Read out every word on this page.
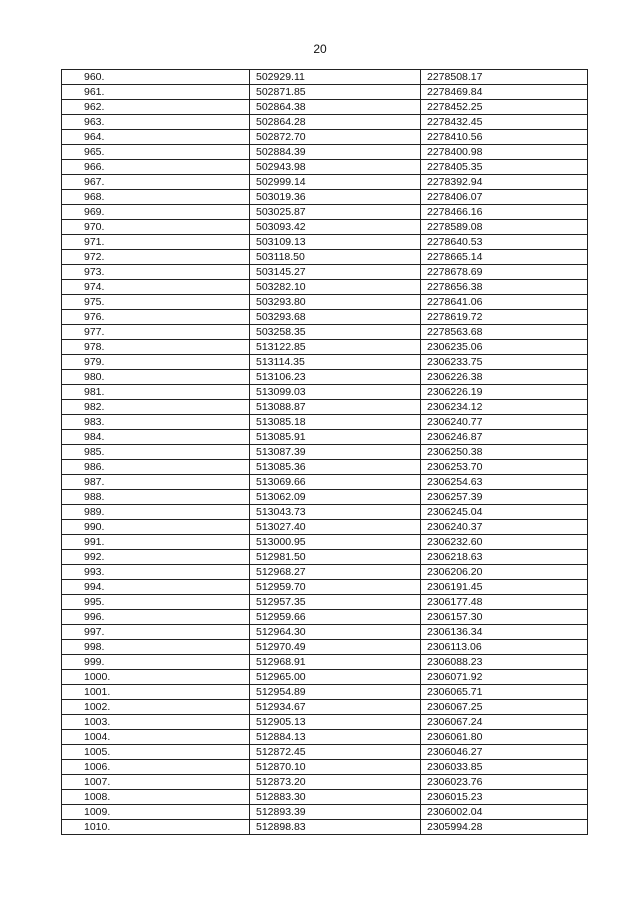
20
960.	502929.11	2278508.17
961.	502871.85	2278469.84
962.	502864.38	2278452.25
963.	502864.28	2278432.45
964.	502872.70	2278410.56
965.	502884.39	2278400.98
966.	502943.98	2278405.35
967.	502999.14	2278392.94
968.	503019.36	2278406.07
969.	503025.87	2278466.16
970.	503093.42	2278589.08
971.	503109.13	2278640.53
972.	503118.50	2278665.14
973.	503145.27	2278678.69
974.	503282.10	2278656.38
975.	503293.80	2278641.06
976.	503293.68	2278619.72
977.	503258.35	2278563.68
978.	513122.85	2306235.06
979.	513114.35	2306233.75
980.	513106.23	2306226.38
981.	513099.03	2306226.19
982.	513088.87	2306234.12
983.	513085.18	2306240.77
984.	513085.91	2306246.87
985.	513087.39	2306250.38
986.	513085.36	2306253.70
987.	513069.66	2306254.63
988.	513062.09	2306257.39
989.	513043.73	2306245.04
990.	513027.40	2306240.37
991.	513000.95	2306232.60
992.	512981.50	2306218.63
993.	512968.27	2306206.20
994.	512959.70	2306191.45
995.	512957.35	2306177.48
996.	512959.66	2306157.30
997.	512964.30	2306136.34
998.	512970.49	2306113.06
999.	512968.91	2306088.23
1000.	512965.00	2306071.92
1001.	512954.89	2306065.71
1002.	512934.67	2306067.25
1003.	512905.13	2306067.24
1004.	512884.13	2306061.80
1005.	512872.45	2306046.27
1006.	512870.10	2306033.85
1007.	512873.20	2306023.76
1008.	512883.30	2306015.23
1009.	512893.39	2306002.04
1010.	512898.83	2305994.28
